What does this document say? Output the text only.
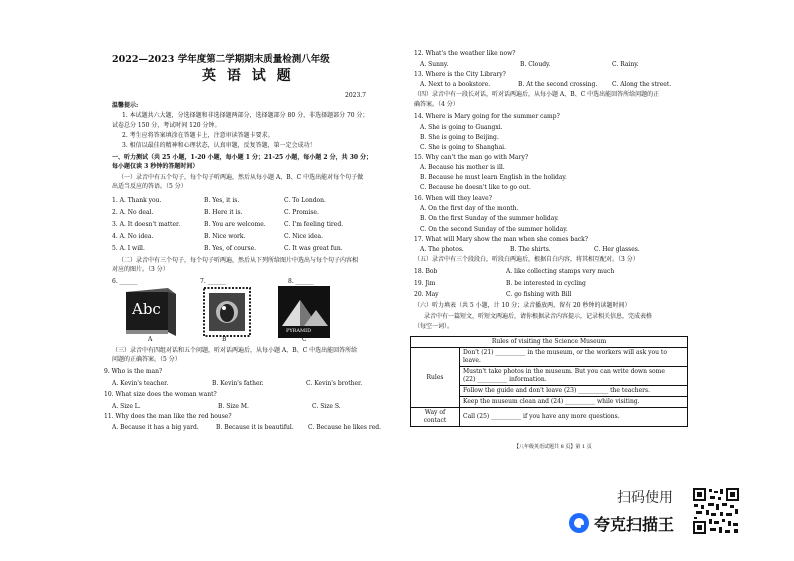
2022—2023 学年度第二学期期末质量检测八年级
英 语 试 题
2023.7
温馨提示:
1. 本试题共六大题，分选择题和非选择题两部分，选择题部分 80 分，非选择题部分 70 分；
试卷总分 150 分，考试时间 120 分钟。
2. 考生应将答案填涂在答题卡上，注意审读答题卡要求。
3. 相信以最佳的精神和心理状态，认真审题，反复答题，第一定会成功！
一、听力测试（共 25 小题，1-20 小题，每小题 1 分；21-25 小题，每小题 2 分，共 30 分；
每小题仅读 3 秒钟的答题时间）
（一）录音中有五个句子，每个句子听两遍，然后从每小题 A、B、C 中选出能对每个句子做
出适当反应的答语。（5 分）
1. A. Thank you.	B. Yes, it is.	C. To London.
2. A. No deal.	B. Here it is.	C. Promise.
3. A. It doesn't matter.	B. You are welcome.	C. I'm feeling tired.
4. A. No idea.	B. Nice work.	C. Nice idea.
5. A. I will.	B. Yes, of course.	C. It was great fun.
（二）录音中有三个句子，每个句子听两遍，然后从下列所给图片中选出与每个句子内容相
对应的图片。（3 分）
6. ______	7. ______	8. ______
Abc
PYRAMID
A	B	C
（三）录音中有四组对话和五个问题，听对话两遍后，从每小题 A、B、C 中选出能回答所给
问题的正确答案。（5 分）
9. Who is the man?
A. Kevin's teacher.	B. Kevin's father.	C. Kevin's brother.
10. What size does the woman want?
A. Size L.	B. Size M.	C. Size S.
11. Why does the man like the red house?
A. Because it has a big yard.	B. Because it is beautiful. C. Because he likes red.
12. What's the weather like now?
A. Sunny.	B. Cloudy.	C. Rainy.
13. Where is the City Library?
A. Next to a bookstore.	B. At the second crossing. C. Along the street.
（四）录音中有一段长对话，听对话两遍后，从每小题 A、B、C 中选出能回答所给问题的正
确答案。（4 分）
14. Where is Mary going for the summer camp?
A. She is going to Guangxi.
B. She is going to Beijing.
C. She is going to Shanghai.
15. Why can't the man go with Mary?
A. Because his mother is ill.
B. Because he must learn English in the holiday.
C. Because he doesn't like to go out.
16. When will they leave?
A. On the first day of the month.
B. On the first Sunday of the summer holiday.
C. On the second Sunday of the summer holiday.
17. What will Mary show the man when she comes back?
A. The photos.	B. The shirts.	C. Her glasses.
（五）录音中有三个段段白，听段白两遍后，根据自白内容，将其相互配对。（3 分）
18. Bob	A. like collecting stamps very much
19. Jim	B. be interested in cycling
20. May	C. go fishing with Bill
（六）听力填表（共 5 小题，计 10 分；录音播放两，留有 20 秒钟的读题时间）
录音中有一篇短文，听短文两遍后，请你根据录音内容提示，记录相关信息，完成表格
（每空一词）。
Rules of visiting the Science Museum	
Rules	Don't (21) __________ in the museum, or the workers will ask you to leave.

	Mustn't take photos in the museum. But you can write down some
(22) __________ information.

	Follow the guide and don't leave (23) __________ the teachers.
	Keep the museum clean and (24) __________ while visiting.

Way of
contact	Call (25) __________ if you have any more questions.
【八年级英语试题共 8 页】第 1 页
扫码使用
夸克扫描王
